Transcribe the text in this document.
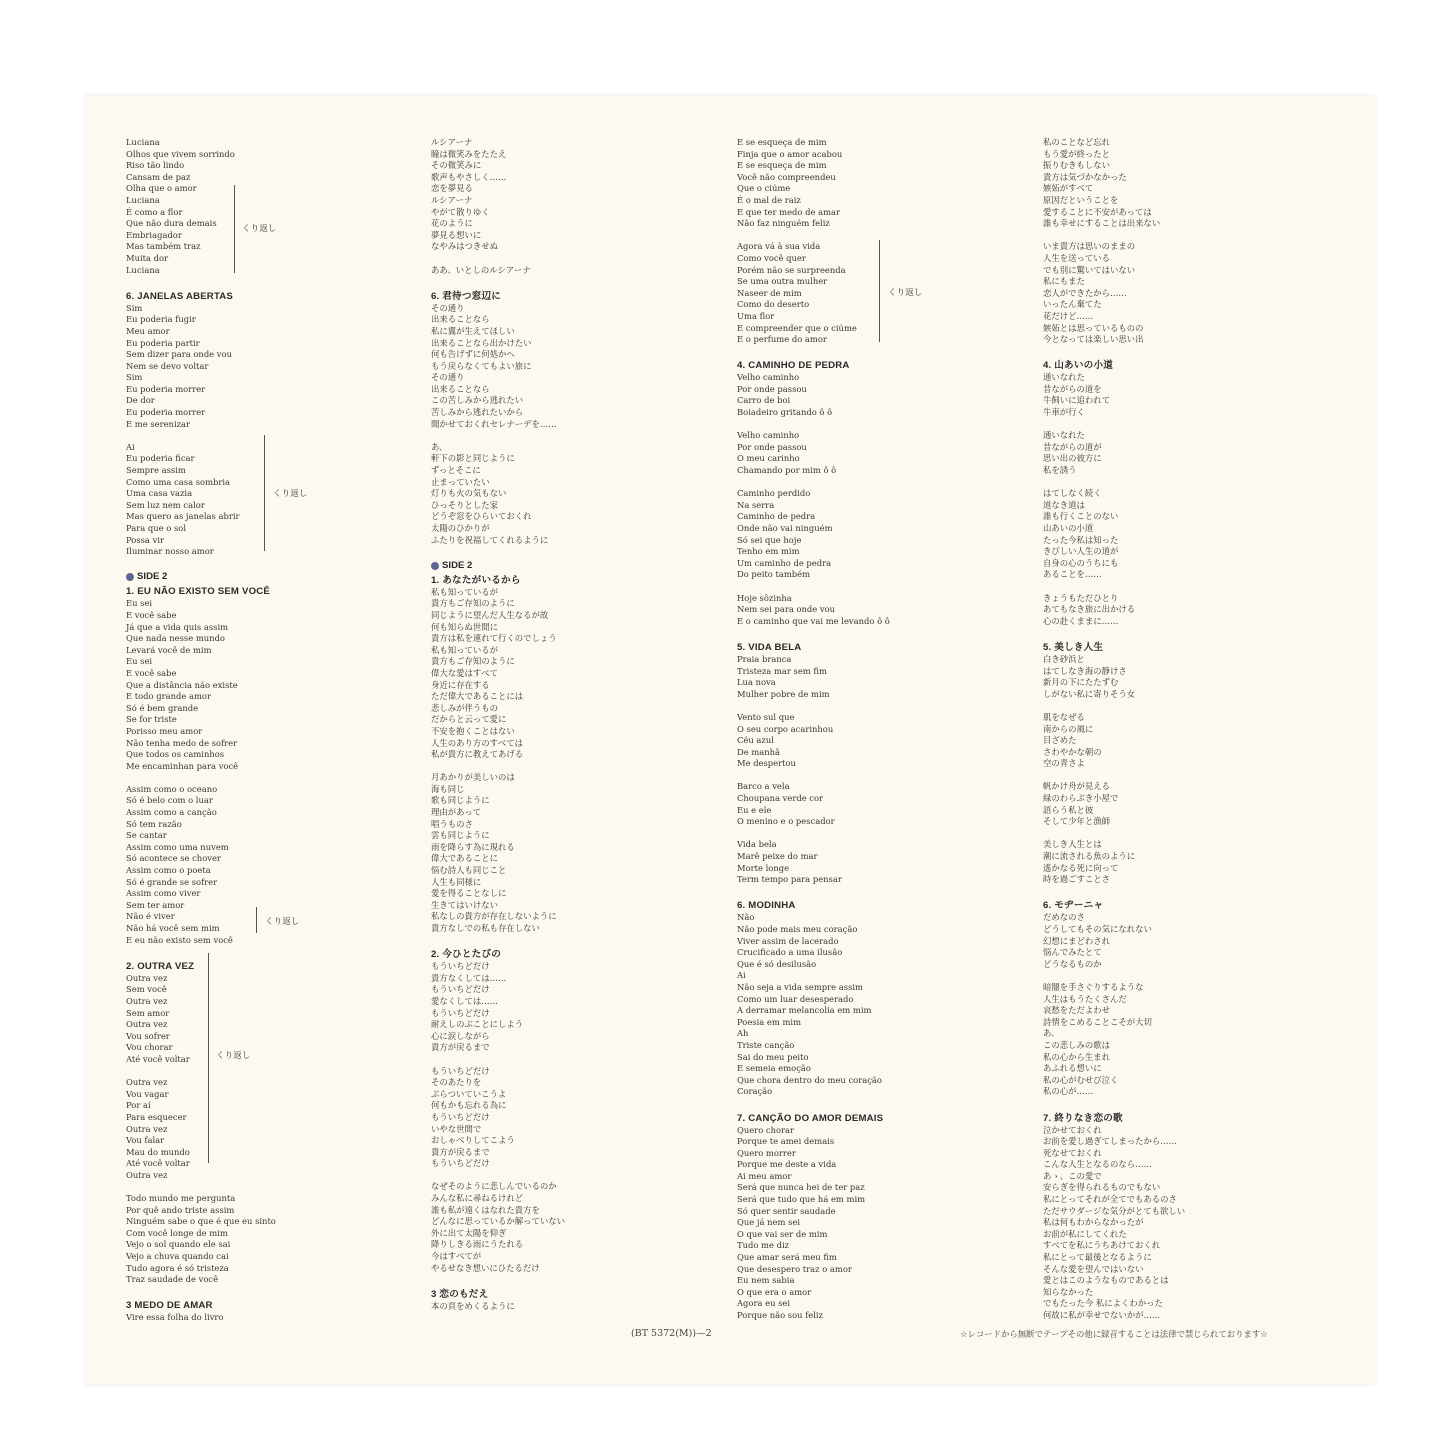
Luciana
Olhos que vivem sorrindo
Riso tão lindo
Cansam de paz
Olha que o amor
Luciana
É como a flor
Que não dura demais
Embriagador
Mas também traz
Muita dor
Luciana
6. JANELAS ABERTAS
Sim
Eu poderia fugir
Meu amor
Eu poderia partir
Sem dizer para onde vou
Nem se devo voltar
Sim
Eu poderia morrer
De dor
Eu poderia morrer
E me serenizar
Ai
Eu poderia ficar
Sempre assim
Como uma casa sombria
Uma casa vazia
Sem luz nem calor
Mas quero as janelas abrir
Para que o sol
Possa vir
Iluminar nosso amor
SIDE 2
1. EU NÃO EXISTO SEM VOCÊ
Eu sei
E você sabe
Já que a vida quis assim
Que nada nesse mundo
Levará você de mim
Eu sei
E você sabe
Que a distância não existe
E todo grande amor
Só é bem grande
Se for triste
Porisso meu amor
Não tenha medo de sofrer
Que todos os caminhos
Me encaminhan para você
Assim como o oceano
Só é belo com o luar
Assim como a canção
Só tem razão
Se cantar
Assim como uma nuvem
Só acontece se chover
Assim como o poeta
Só é grande se sofrer
Assim como viver
Sem ter amor
Não é viver
Não há você sem mim
E eu não existo sem você
2. OUTRA VEZ
Outra vez
Sem você
Outra vez
Sem amor
Outra vez
Vou sofrer
Vou chorar
Até você voltar
Outra vez
Vou vagar
Por aí
Para esquecer
Outra vez
Vou falar
Mau do mundo
Até você voltar
Outra vez
Todo mundo me pergunta
Por quê ando triste assim
Ninguém sabe o que é que eu sinto
Com você longe de mim
Vejo o sol quando ele sai
Vejo a chuva quando cai
Tudo agora é só tristeza
Traz saudade de você
3 MEDO DE AMAR
Vire essa folha do livro
ルシアーナ
瞳は微笑みをたたえ
その微笑みに
歌声もやさしく……
恋を夢見る
ルシアーナ
やがて散りゆく
花のように
夢見る想いに
なやみはつきせぬ
ああ、いとしのルシアーナ
6. 君待つ窓辺に
その通り
出来ることなら
私に翼が生えてほしい
出来ることなら出かけたい
何も告げずに何処かへ
もう戻らなくてもよい旅に
その通り
出来ることなら
この苦しみから逃れたい
苦しみから逃れたいから
聞かせておくれセレナーデを……
あ、
軒下の影と同じように
ずっとそこに
止まっていたい
灯りも火の気もない
ひっそりとした家
どうぞ窓をひらいておくれ
太陽のひかりが
ふたりを祝福してくれるように
SIDE 2
1. あなたがいるから
私も知っているが
貴方もご存知のように
同じように望んだ人生なるが故
何も知らぬ世間に
貴方は私を連れて行くのでしょう
私も知っているが
貴方もご存知のように
偉大な愛はすべて
身近に存在する
ただ偉大であることには
悲しみが伴うもの
だからと云って愛に
不安を抱くことはない
人生のあり方のすべては
私が貴方に教えてあげる
月あかりが美しいのは
海も同じ
歌も同じように
理由があって
唱うものさ
雲も同じように
雨を降らす為に現れる
偉大であることに
悩む詩人も同じこと
人生も同様に
愛を得ることなしに
生きてはいけない
私なしの貴方が存在しないように
貴方なしでの私も存在しない
2. 今ひとたびの
もういちどだけ
貴方なくしては……
もういちどだけ
愛なくしては……
もういちどだけ
耐えしのぶことにしよう
心に涙しながら
貴方が戻るまで
もういちどだけ
そのあたりを
ぶらついていこうよ
何もかも忘れる為に
もういちどだけ
いやな世間で
おしゃべりしてこよう
貴方が戻るまで
もういちどだけ
なぜそのように悲しんでいるのか
みんな私に尋ねるけれど
誰も私が遠くはなれた貴方を
どんなに思っているか解っていない
外に出て太陽を仰ぎ
降りしきる雨にうたれる
今はすべてが
やるせなき想いにひたるだけ
3 恋のもだえ
本の頁をめくるように
E se esqueça de mim
Finja que o amor acabou
E se esqueça de mim
Você não compreendeu
Que o ciúme
É o mal de raiz
E que ter medo de amar
Não faz ninguém feliz
Agora vá à sua vida
Como você quer
Porém não se surpreenda
Se uma outra mulher
Naseer de mim
Como do deserto
Uma flor
E compreender que o ciúme
E o perfume do amor
4. CAMINHO DE PEDRA
Velho caminho
Por onde passou
Carro de boi
Boiadeiro gritando ô ô
Velho caminho
Por onde passou
O meu carinho
Chamando por mim ô ô
Caminho perdido
Na serra
Caminho de pedra
Onde não vai ninguém
Só sei que hoje
Tenho em mim
Um caminho de pedra
Do peito também
Hoje sôzinha
Nem sei para onde vou
E o caminho que vai me levando ô ô
5. VIDA BELA
Praia branca
Tristeza mar sem fim
Lua nova
Mulher pobre de mim
Vento sul que
O seu corpo acarinhou
Céu azul
De manhã
Me despertou
Barco a vela
Choupana verde cor
Eu e ele
O menino e o pescador
Vida bela
Marê peixe do mar
Morte longe
Term tempo para pensar
6. MODINHA
Não
Não pode mais meu coração
Viver assim de lacerado
Crucificado a uma ilusão
Que é só desilusão
Ai
Não seja a vida sempre assim
Como um luar desesperado
A derramar melancolia em mim
Poesia em mim
Ah
Triste canção
Sai do meu peito
E semeia emoção
Que chora dentro do meu coração
Coração
7. CANÇÃO DO AMOR DEMAIS
Quero chorar
Porque te amei demais
Quero morrer
Porque me deste a vida
Ai meu amor
Será que nunca hei de ter paz
Será que tudo que há em mim
Só quer sentir saudade
Que já nem sei
O que vai ser de mim
Tudo me diz
Que amar será meu fim
Que desespero traz o amor
Eu nem sabia
O que era o amor
Agora eu sei
Porque não sou feliz
私のことなど忘れ
もう愛が終ったと
振りむきもしない
貴方は気づかなかった
嫉妬がすべて
原因だということを
愛することに不安があっては
誰も幸せにすることは出来ない
いま貴方は思いのままの
人生を送っている
でも別に驚いてはいない
私にもまた
恋人ができたから……
いったん棄てた
花だけど……
嫉妬とは思っているものの
今となっては楽しい思い出
4. 山あいの小道
通いなれた
昔ながらの道を
牛飼いに追われて
牛車が行く
通いなれた
昔ながらの道が
思い出の彼方に
私を誘う
はてしなく続く
道なき道は
誰も行くことのない
山あいの小道
たった今私は知った
きびしい人生の道が
自身の心のうちにも
あることを……
きょうもただひとり
あてもなき旅に出かける
心の赴くままに……
5. 美しき人生
白き砂浜と
はてしなき海の静けさ
新月の下にたたずむ
しがない私に寄りそう女
肌をなぜる
南からの風に
目ざめた
さわやかな朝の
空の青さよ
帆かけ舟が見える
緑のわらぶき小屋で
語らう私と彼
そして少年と漁師
美しき人生とは
潮に流される魚のように
遙かなる死に向って
時を過ごすことさ
6. モヂーニャ
だめなのさ
どうしてもその気になれない
幻想にまどわされ
悩んでみたとて
どうなるものか
暗闇を手さぐりするような
人生はもうたくさんだ
哀愁をただよわせ
詩情をこめることこそが大切
あ、
この悲しみの歌は
私の心から生まれ
あふれる想いに
私の心がむせび泣く
私の心が……
7. 終りなき恋の歌
泣かせておくれ
お前を愛し過ぎてしまったから……
死なせておくれ
こんな人生となるのなら……
あゝ、この愛で
安らぎを得られるものでもない
私にとってそれが全てでもあるのさ
ただサウダージな気分がとても欲しい
私は何もわからなかったが
お前が私にしてくれた
すべてを私にうちあけておくれ
私にとって最後となるように
そんな愛を望んではいない
愛とはこのようなものであるとは
知らなかった
でもたった今 私によくわかった
何故に私が幸せでないかが……
くり返し
くり返し
くり返し
くり返し
くり返し
(BT 5372(M))—2	☆レコードから無断でテープその他に録音することは法律で禁じられております☆
